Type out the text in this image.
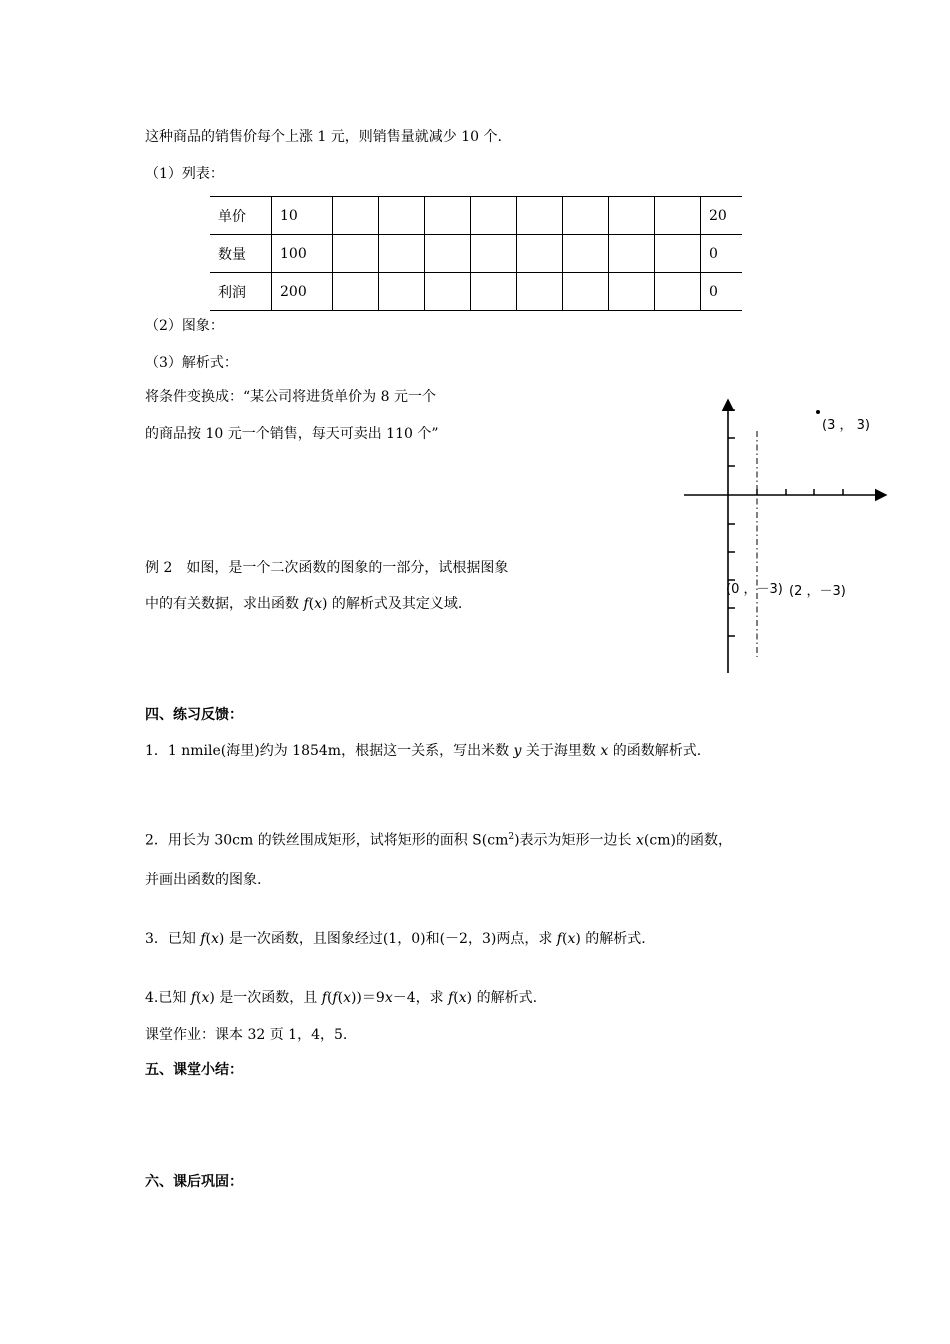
这种商品的销售价每个上涨 1 元，则销售量就减少 10 个.
（1）列表：
单价	10									20
数量	100									0
利润	200									0
（2）图象：
（3）解析式：
将条件变换成：“某公司将进货单价为 8 元一个
的商品按 10 元一个销售，每天可卖出 110 个”
例 2　如图，是一个二次函数的图象的一部分，试根据图象
中的有关数据，求出函数 f(x) 的解析式及其定义域.
(3 ， 3)
(0 ，－3) (2 ，－3)
四、练习反馈：
1．1 nmile(海里)约为 1854m，根据这一关系，写出米数 y 关于海里数 x 的函数解析式.
2．用长为 30cm 的铁丝围成矩形，试将矩形的面积 $S(cm^2)$表示为矩形一边长 x(cm)的函数，
并画出函数的图象.
3．已知 f(x) 是一次函数，且图象经过(1，0)和(－2，3)两点，求 f(x) 的解析式.
4.已知 f(x) 是一次函数，且 f(f(x))＝9x－4，求 f(x) 的解析式.
课堂作业：课本 32 页 1，4，5.
五、课堂小结：
六、课后巩固：
